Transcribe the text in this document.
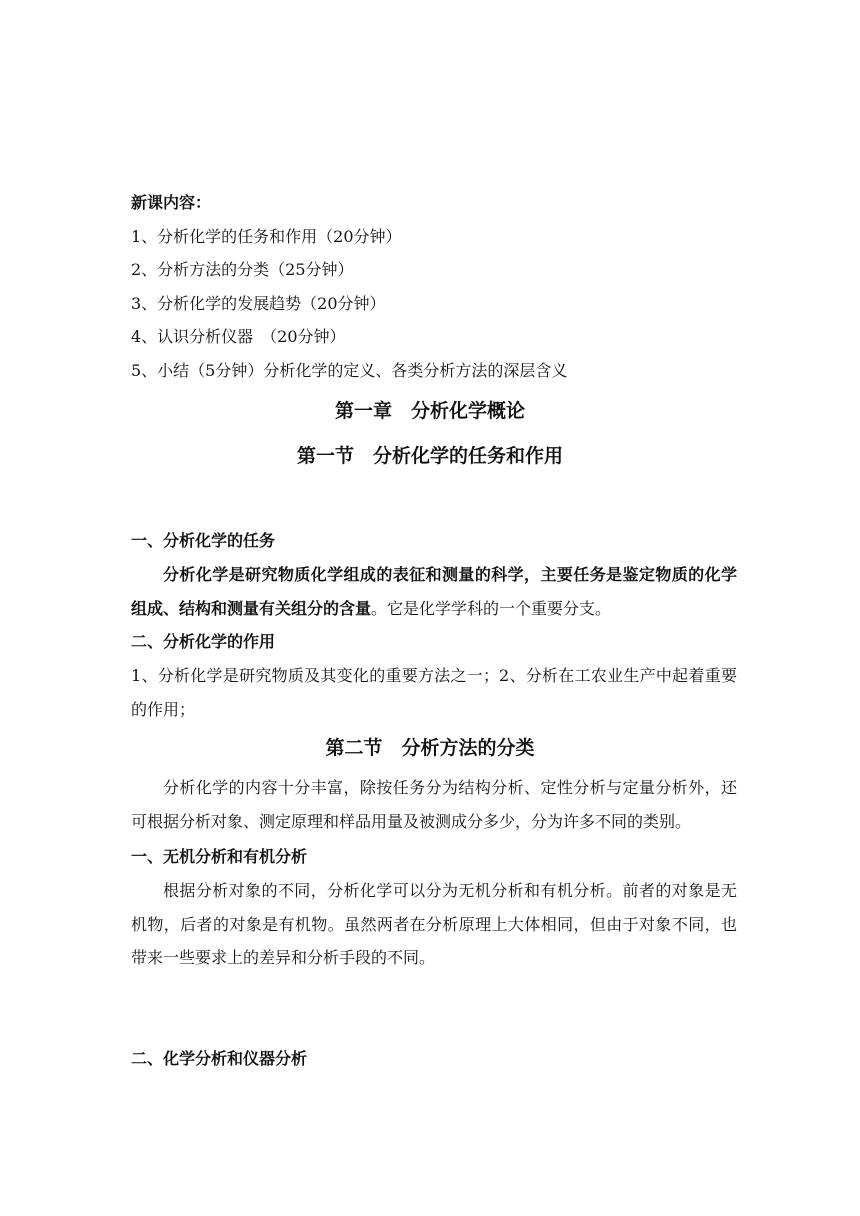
新课内容：
1、分析化学的任务和作用（20分钟）
2、分析方法的分类（25分钟）
3、分析化学的发展趋势（20分钟）
4、认识分析仪器　（20分钟）
5、小结（5分钟）分析化学的定义、各类分析方法的深层含义
第一章　分析化学概论
第一节　分析化学的任务和作用
一、分析化学的任务
分析化学是研究物质化学组成的表征和测量的科学，主要任务是鉴定物质的化学组成、结构和测量有关组分的含量。它是化学学科的一个重要分支。
二、分析化学的作用
1、分析化学是研究物质及其变化的重要方法之一；2、分析在工农业生产中起着重要的作用；
第二节　分析方法的分类
分析化学的内容十分丰富，除按任务分为结构分析、定性分析与定量分析外，还可根据分析对象、测定原理和样品用量及被测成分多少，分为许多不同的类别。
一、无机分析和有机分析
根据分析对象的不同，分析化学可以分为无机分析和有机分析。前者的对象是无机物，后者的对象是有机物。虽然两者在分析原理上大体相同，但由于对象不同，也带来一些要求上的差异和分析手段的不同。
二、化学分析和仪器分析
